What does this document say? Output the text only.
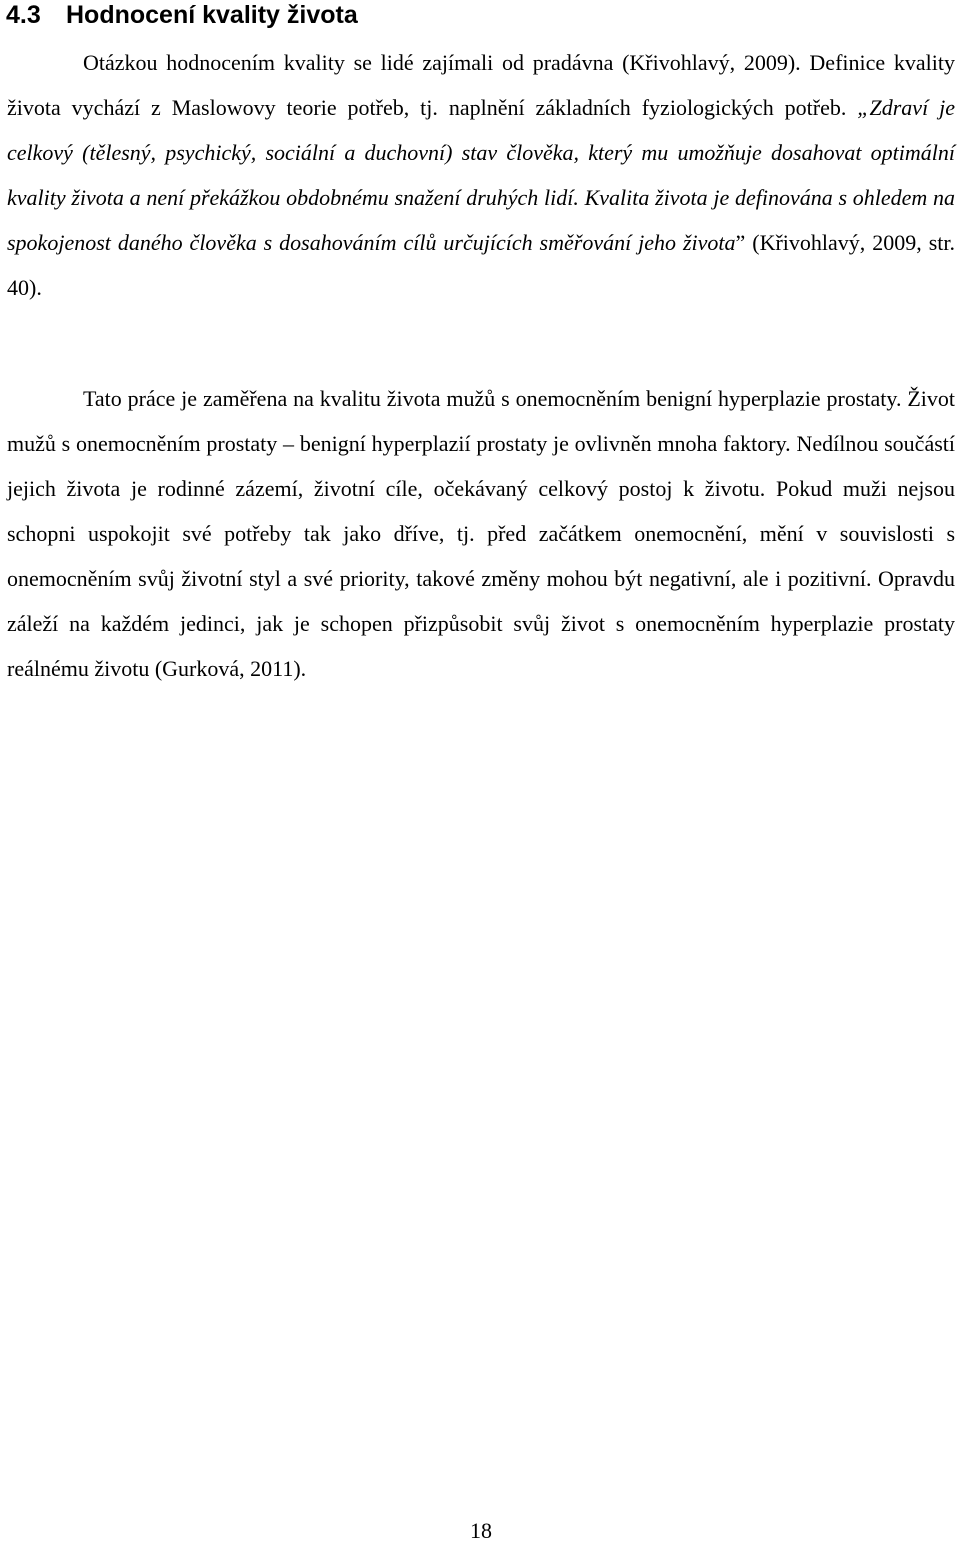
4.3 Hodnocení kvality života

Otázkou hodnocením kvality se lidé zajímali od pradávna (Křivohlavý, 2009). Definice kvality života vychází z Maslowovy teorie potřeb, tj. naplnění základních fyziologických potřeb. „Zdraví je celkový (tělesný, psychický, sociální a duchovní) stav člověka, který mu umožňuje dosahovat optimální kvality života a není překážkou obdobnému snažení druhých lidí. Kvalita života je definována s ohledem na spokojenost daného člověka s dosahováním cílů určujících směřování jeho života” (Křivohlavý, 2009, str. 40).

Tato práce je zaměřena na kvalitu života mužů s onemocněním benigní hyperplazie prostaty. Život mužů s onemocněním prostaty – benigní hyperplazií prostaty je ovlivněn mnoha faktory. Nedílnou součástí jejich života je rodinné zázemí, životní cíle, očekávaný celkový postoj k životu. Pokud muži nejsou schopni uspokojit své potřeby tak jako dříve, tj. před začátkem onemocnění, mění v souvislosti s onemocněním svůj životní styl a své priority, takové změny mohou být negativní, ale i pozitivní. Opravdu záleží na každém jedinci, jak je schopen přizpůsobit svůj život s onemocněním hyperplazie prostaty reálnému životu (Gurková, 2011).

18
